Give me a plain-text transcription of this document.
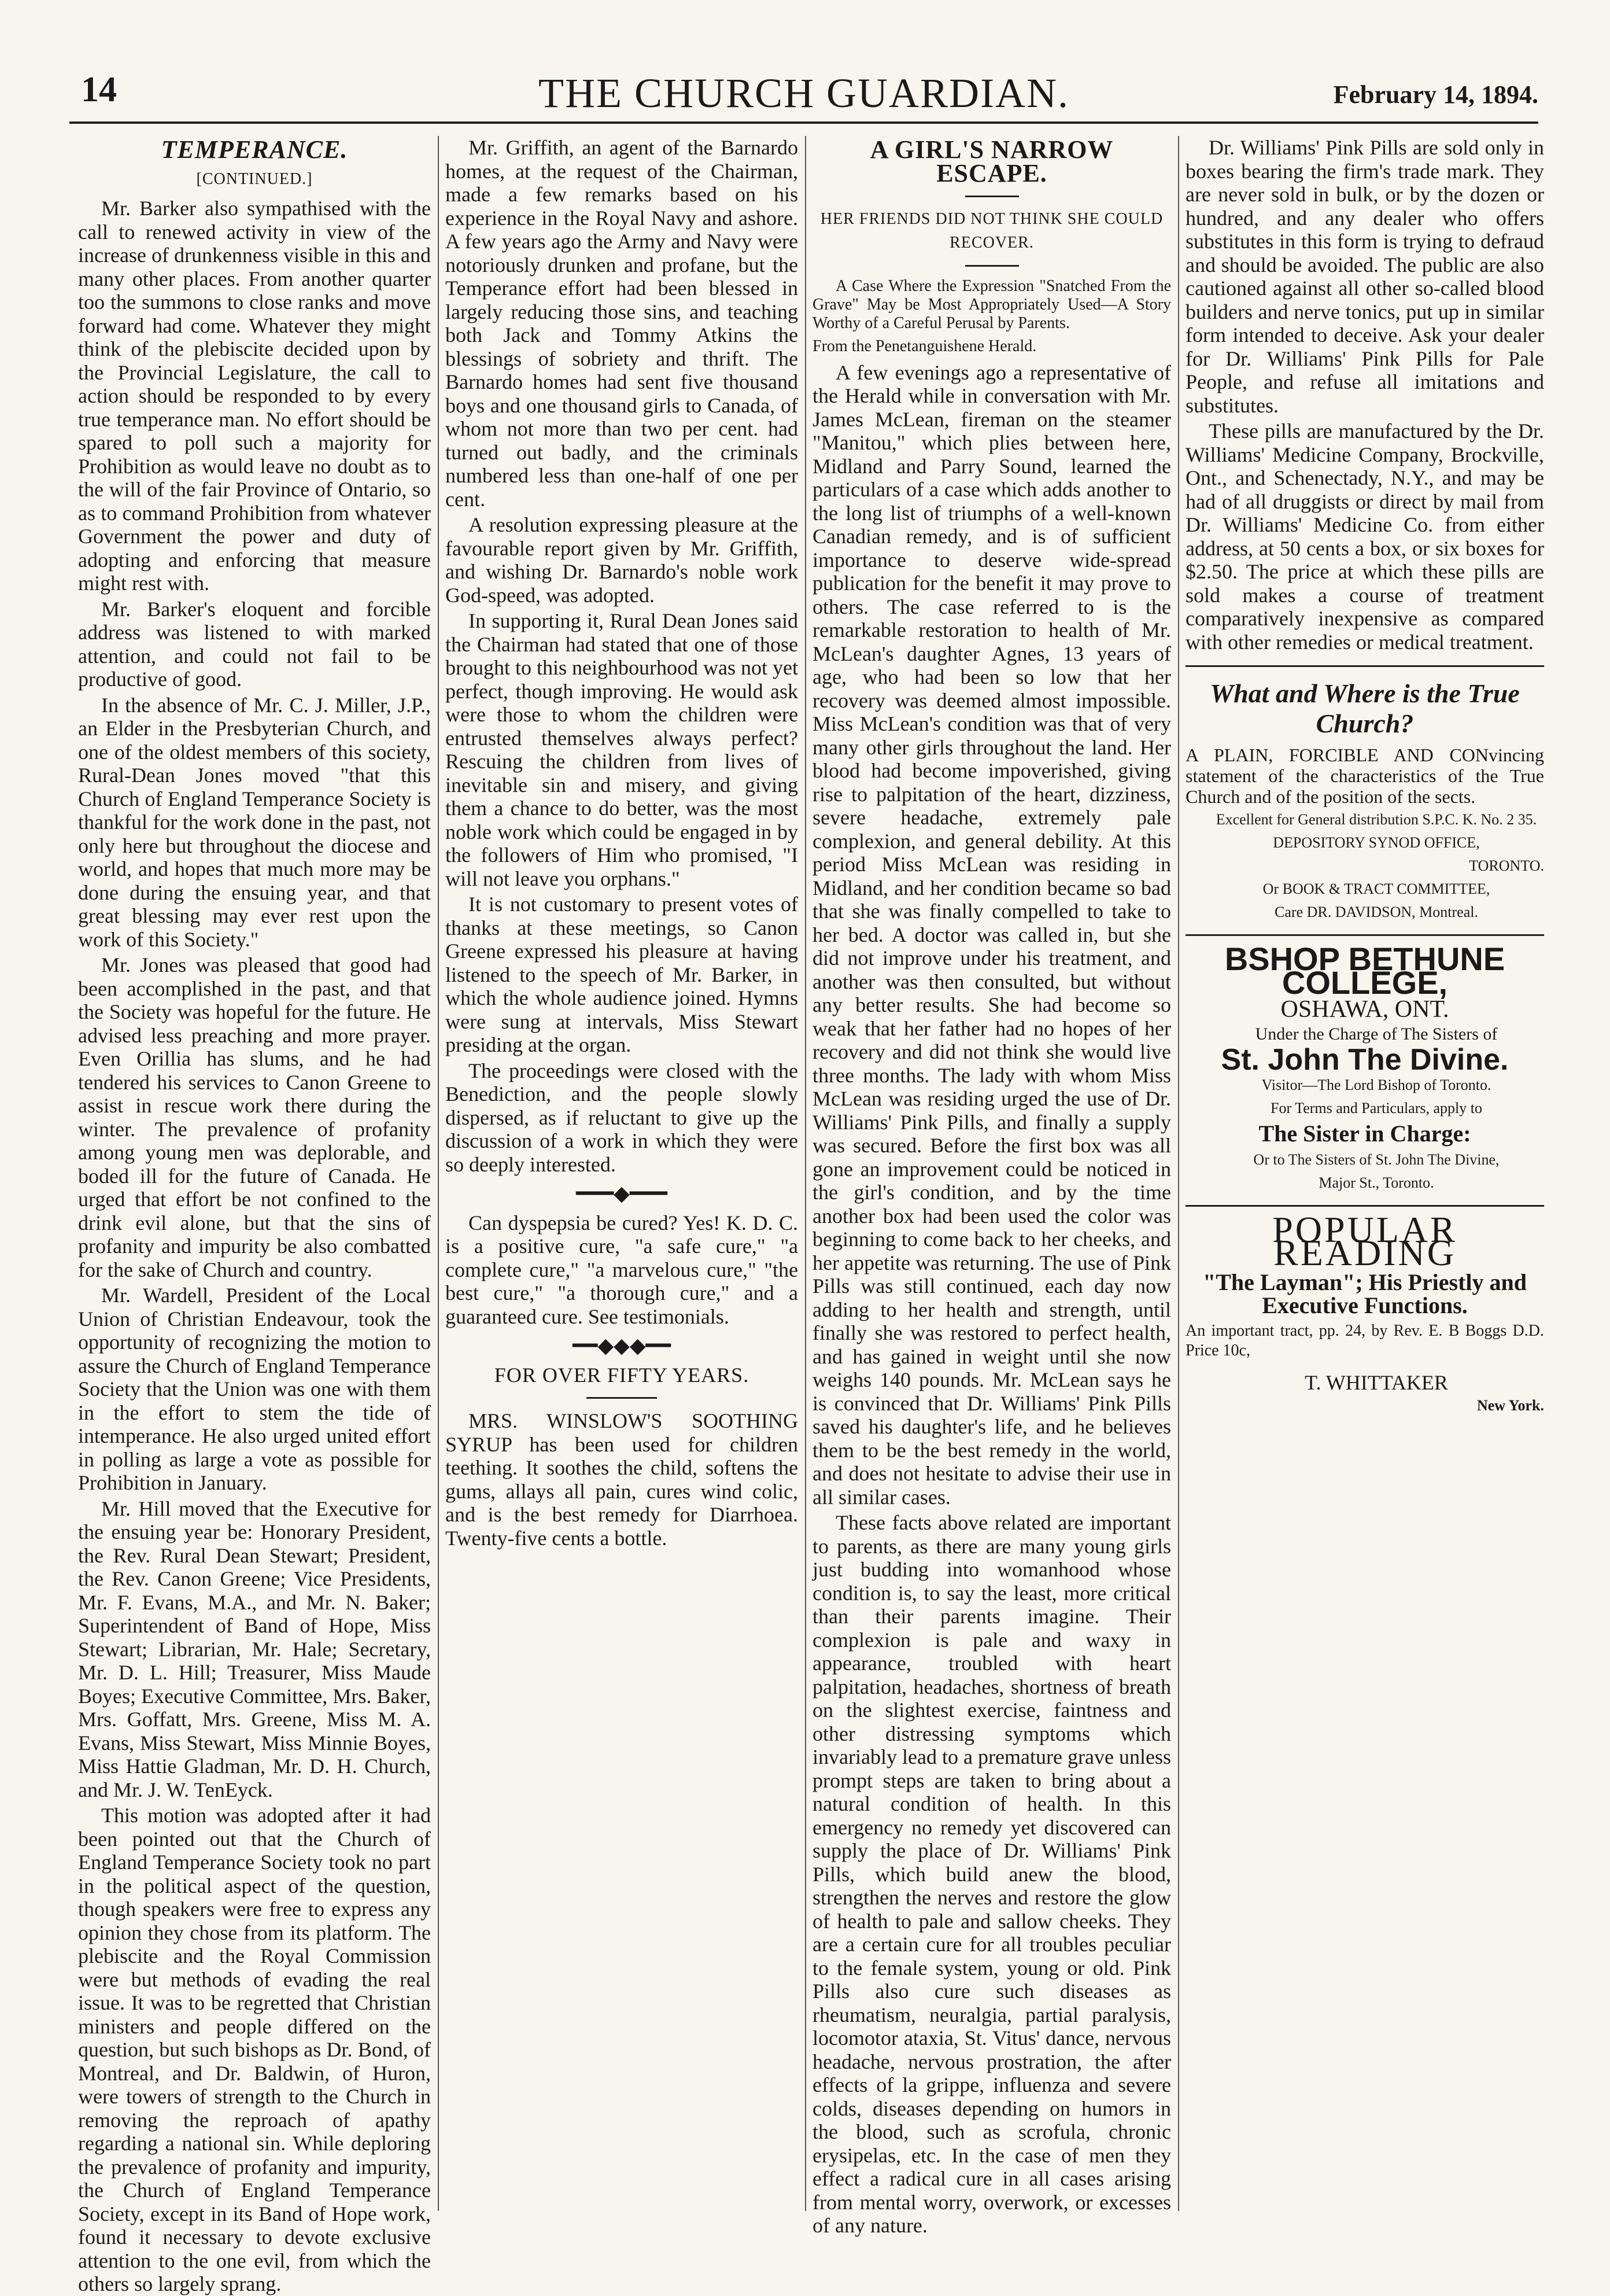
14	THE CHURCH GUARDIAN.	February 14, 1894.
TEMPERANCE.
[CONTINUED.]

Mr. Barker also sympathised with the call to renewed activity in view of the increase of drunkenness visible in this and many other places. From another quarter too the summons to close ranks and move forward had come. Whatever they might think of the plebiscite decided upon by the Provincial Legislature, the call to action should be responded to by every true temperance man. No effort should be spared to poll such a majority for Prohibition as would leave no doubt as to the will of the fair Province of Ontario, so as to command Prohibition from whatever Government the power and duty of adopting and enforcing that measure might rest with.

Mr. Barker's eloquent and forcible address was listened to with marked attention, and could not fail to be productive of good.

In the absence of Mr. C. J. Miller, J.P., an Elder in the Presbyterian Church, and one of the oldest members of this society, Rural-Dean Jones moved "that this Church of England Temperance Society is thankful for the work done in the past, not only here but throughout the diocese and world, and hopes that much more may be done during the ensuing year, and that great blessing may ever rest upon the work of this Society."

Mr. Jones was pleased that good had been accomplished in the past, and that the Society was hopeful for the future. He advised less preaching and more prayer. Even Orillia has slums, and he had tendered his services to Canon Greene to assist in rescue work there during the winter. The prevalence of profanity among young men was deplorable, and boded ill for the future of Canada. He urged that effort be not confined to the drink evil alone, but that the sins of profanity and impurity be also combatted for the sake of Church and country.

Mr. Wardell, President of the Local Union of Christian Endeavour, took the opportunity of recognizing the motion to assure the Church of England Temperance Society that the Union was one with them in the effort to stem the tide of intemperance. He also urged united effort in polling as large a vote as possible for Prohibition in January.

Mr. Hill moved that the Executive for the ensuing year be: Honorary President, the Rev. Rural Dean Stewart; President, the Rev. Canon Greene; Vice Presidents, Mr. F. Evans, M.A., and Mr. N. Baker; Superintendent of Band of Hope, Miss Stewart; Librarian, Mr. Hale; Secretary, Mr. D. L. Hill; Treasurer, Miss Maude Boyes; Executive Committee, Mrs. Baker, Mrs. Goffatt, Mrs. Greene, Miss M. A. Evans, Miss Stewart, Miss Minnie Boyes, Miss Hattie Gladman, Mr. D. H. Church, and Mr. J. W. TenEyck.

This motion was adopted after it had been pointed out that the Church of England Temperance Society took no part in the political aspect of the question, though speakers were free to express any opinion they chose from its platform. The plebiscite and the Royal Commission were but methods of evading the real issue. It was to be regretted that Christian ministers and people differed on the question, but such bishops as Dr. Bond, of Montreal, and Dr. Baldwin, of Huron, were towers of strength to the Church in removing the reproach of apathy regarding a national sin. While deploring the prevalence of profanity and impurity, the Church of England Temperance Society, except in its Band of Hope work, found it necessary to devote exclusive attention to the one evil, from which the others so largely sprang.

Mr. Griffith, an agent of the Barnardo homes, at the request of the Chairman, made a few remarks based on his experience in the Royal Navy and ashore. A few years ago the Army and Navy were notoriously drunken and profane, but the Temperance effort had been blessed in largely reducing those sins, and teaching both Jack and Tommy Atkins the blessings of sobriety and thrift. The Barnardo homes had sent five thousand boys and one thousand girls to Canada, of whom not more than two per cent. had turned out badly, and the criminals numbered less than one-half of one per cent.

A resolution expressing pleasure at the favourable report given by Mr. Griffith, and wishing Dr. Barnardo's noble work God-speed, was adopted.

In supporting it, Rural Dean Jones said the Chairman had stated that one of those brought to this neighbourhood was not yet perfect, though improving. He would ask were those to whom the children were entrusted themselves always perfect? Rescuing the children from lives of inevitable sin and misery, and giving them a chance to do better, was the most noble work which could be engaged in by the followers of Him who promised, "I will not leave you orphans."

It is not customary to present votes of thanks at these meetings, so Canon Greene expressed his pleasure at having listened to the speech of Mr. Barker, in which the whole audience joined. Hymns were sung at intervals, Miss Stewart presiding at the organ.

The proceedings were closed with the Benediction, and the people slowly dispersed, as if reluctant to give up the discussion of a work in which they were so deeply interested.

━━━◆━━━

Can dyspepsia be cured? Yes! K. D. C. is a positive cure, "a safe cure," "a complete cure," "a marvelous cure," "the best cure," "a thorough cure," and a guaranteed cure. See testimonials.

━━◆◆◆━━
FOR OVER FIFTY YEARS.

MRS. WINSLOW'S SOOTHING SYRUP has been used for children teething. It soothes the child, softens the gums, allays all pain, cures wind colic, and is the best remedy for Diarrhoea. Twenty-five cents a bottle.

A GIRL'S NARROW ESCAPE.
HER FRIENDS DID NOT THINK SHE COULD RECOVER.

A Case Where the Expression "Snatched From the Grave" May be Most Appropriately Used—A Story Worthy of a Careful Perusal by Parents.

From the Penetanguishene Herald.

A few evenings ago a representative of the Herald while in conversation with Mr. James McLean, fireman on the steamer "Manitou," which plies between here, Midland and Parry Sound, learned the particulars of a case which adds another to the long list of triumphs of a well-known Canadian remedy, and is of sufficient importance to deserve wide-spread publication for the benefit it may prove to others. The case referred to is the remarkable restoration to health of Mr. McLean's daughter Agnes, 13 years of age, who had been so low that her recovery was deemed almost impossible. Miss McLean's condition was that of very many other girls throughout the land. Her blood had become impoverished, giving rise to palpitation of the heart, dizziness, severe headache, extremely pale complexion, and general debility. At this period Miss McLean was residing in Midland, and her condition became so bad that she was finally compelled to take to her bed. A doctor was called in, but she did not improve under his treatment, and another was then consulted, but without any better results. She had become so weak that her father had no hopes of her recovery and did not think she would live three months. The lady with whom Miss McLean was residing urged the use of Dr. Williams' Pink Pills, and finally a supply was secured. Before the first box was all gone an improvement could be noticed in the girl's condition, and by the time another box had been used the color was beginning to come back to her cheeks, and her appetite was returning. The use of Pink Pills was still continued, each day now adding to her health and strength, until finally she was restored to perfect health, and has gained in weight until she now weighs 140 pounds. Mr. McLean says he is convinced that Dr. Williams' Pink Pills saved his daughter's life, and he believes them to be the best remedy in the world, and does not hesitate to advise their use in all similar cases.

These facts above related are important to parents, as there are many young girls just budding into womanhood whose condition is, to say the least, more critical than their parents imagine. Their complexion is pale and waxy in appearance, troubled with heart palpitation, headaches, shortness of breath on the slightest exercise, faintness and other distressing symptoms which invariably lead to a premature grave unless prompt steps are taken to bring about a natural condition of health. In this emergency no remedy yet discovered can supply the place of Dr. Williams' Pink Pills, which build anew the blood, strengthen the nerves and restore the glow of health to pale and sallow cheeks. They are a certain cure for all troubles peculiar to the female system, young or old. Pink Pills also cure such diseases as rheumatism, neuralgia, partial paralysis, locomotor ataxia, St. Vitus' dance, nervous headache, nervous prostration, the after effects of la grippe, influenza and severe colds, diseases depending on humors in the blood, such as scrofula, chronic erysipelas, etc. In the case of men they effect a radical cure in all cases arising from mental worry, overwork, or excesses of any nature.

Dr. Williams' Pink Pills are sold only in boxes bearing the firm's trade mark. They are never sold in bulk, or by the dozen or hundred, and any dealer who offers substitutes in this form is trying to defraud and should be avoided. The public are also cautioned against all other so-called blood builders and nerve tonics, put up in similar form intended to deceive. Ask your dealer for Dr. Williams' Pink Pills for Pale People, and refuse all imitations and substitutes.

These pills are manufactured by the Dr. Williams' Medicine Company, Brockville, Ont., and Schenectady, N.Y., and may be had of all druggists or direct by mail from Dr. Williams' Medicine Co. from either address, at 50 cents a box, or six boxes for $2.50. The price at which these pills are sold makes a course of treatment comparatively inexpensive as compared with other remedies or medical treatment.

What and Where is the True Church?

A PLAIN, FORCIBLE AND CONvincing statement of the characteristics of the True Church and of the position of the sects.

Excellent for General distribution S.P.C. K. No. 2 35.

DEPOSITORY SYNOD OFFICE,

TORONTO.

Or BOOK & TRACT COMMITTEE,

Care DR. DAVIDSON, Montreal.

BSHOP BETHUNE COLLEGE,
OSHAWA, ONT.

Under the Charge of The Sisters of

St. John The Divine.

Visitor—The Lord Bishop of Toronto.

For Terms and Particulars, apply to

The Sister in Charge:

Or to The Sisters of St. John The Divine,

Major St., Toronto.

POPULAR READING
"The Layman"; His Priestly and Executive Functions.

An important tract, pp. 24, by Rev. E. B Boggs D.D. Price 10c,

T. WHITTAKER

New York.
